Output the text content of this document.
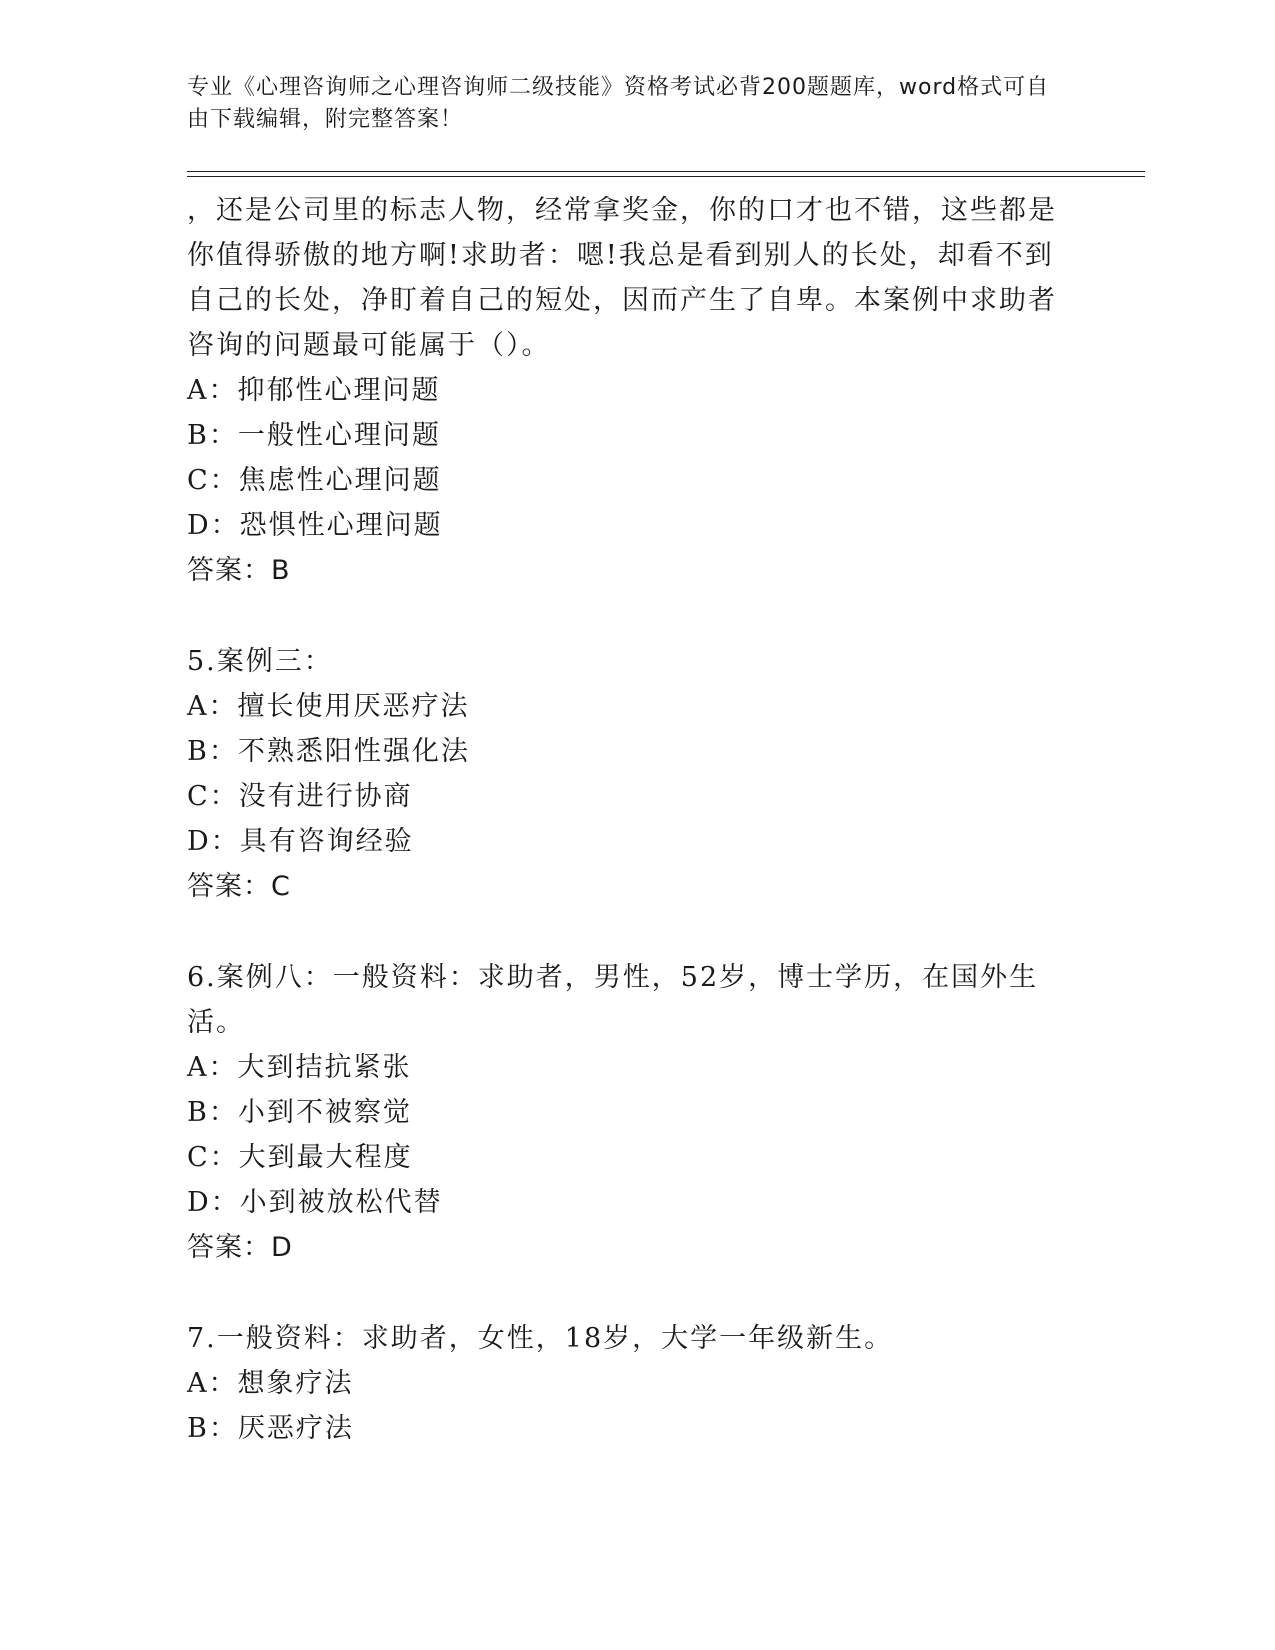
专业《心理咨询师之心理咨询师二级技能》资格考试必背200题题库，word格式可自由下载编辑，附完整答案！

，还是公司里的标志人物，经常拿奖金，你的口才也不错，这些都是你值得骄傲的地方啊!求助者：嗯!我总是看到别人的长处，却看不到自己的长处，净盯着自己的短处，因而产生了自卑。本案例中求助者咨询的问题最可能属于（）。

A：抑郁性心理问题
B：一般性心理问题
C：焦虑性心理问题
D：恐惧性心理问题
答案：B

5.案例三：

A：擅长使用厌恶疗法
B：不熟悉阳性强化法
C：没有进行协商
D：具有咨询经验
答案：C

6.案例八：一般资料：求助者，男性，52岁，博士学历，在国外生活。

A：大到拮抗紧张
B：小到不被察觉
C：大到最大程度
D：小到被放松代替
答案：D

7.一般资料：求助者，女性，18岁，大学一年级新生。

A：想象疗法
B：厌恶疗法
